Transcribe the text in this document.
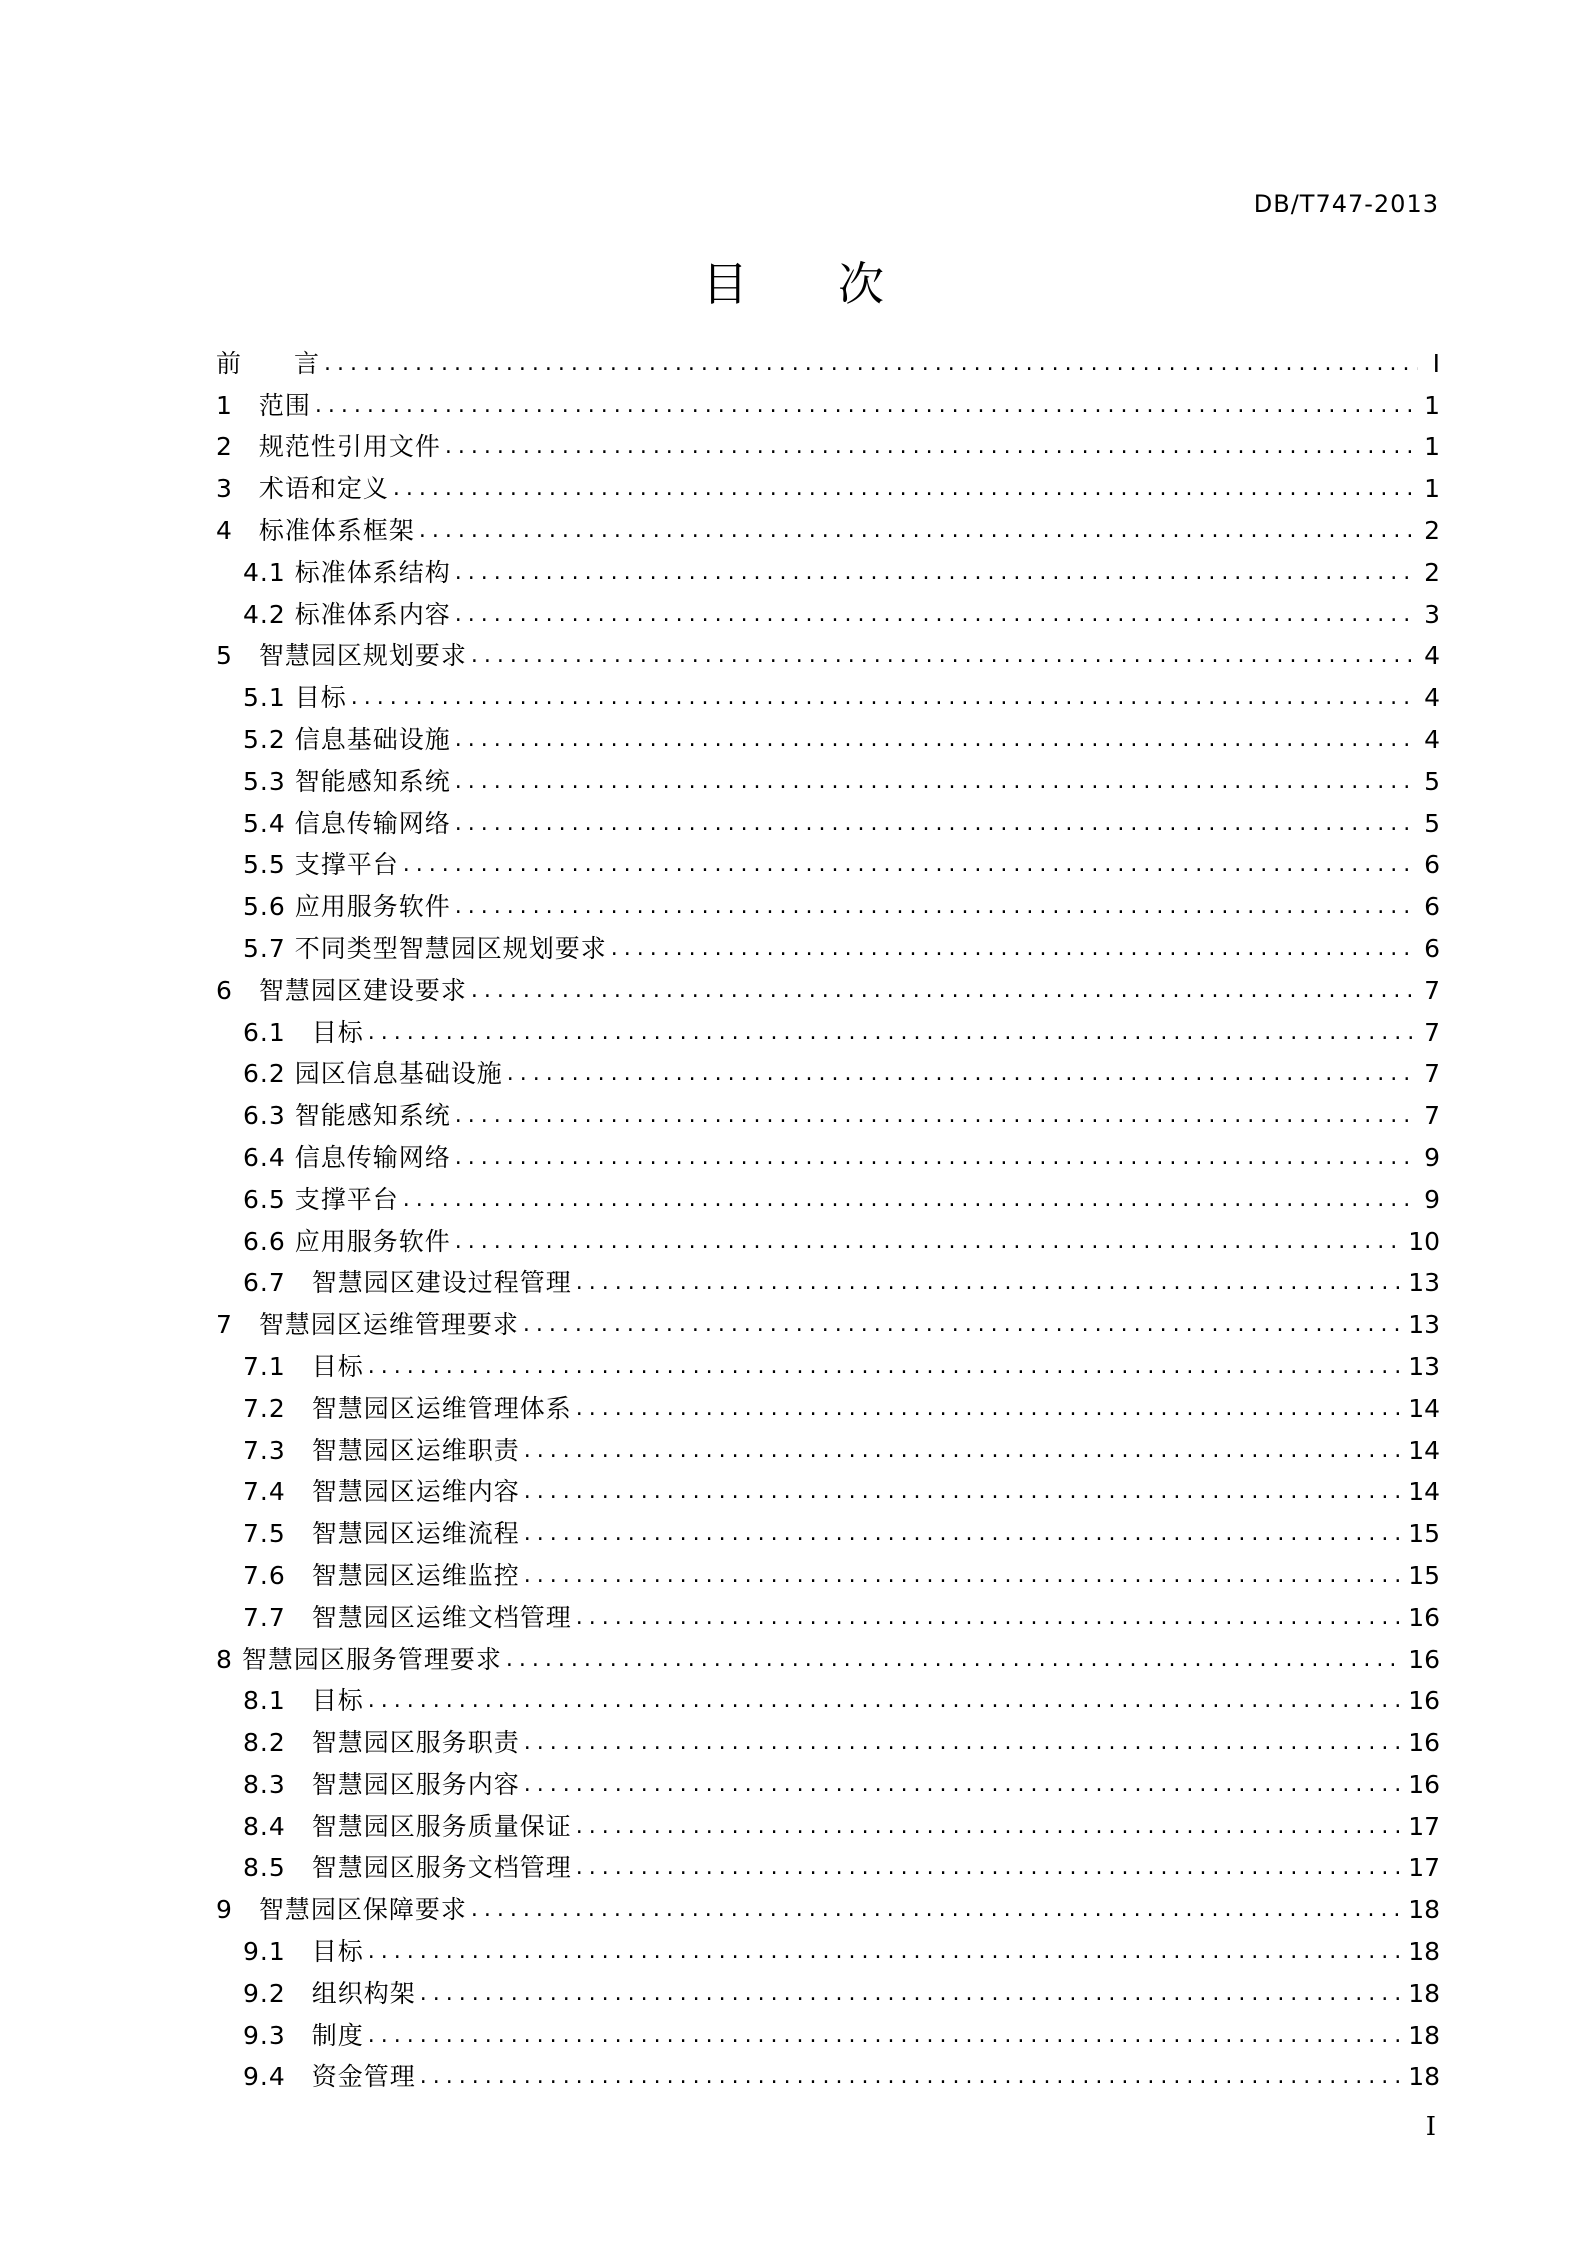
DB/T747-2013
目次
前　　言 .....	I
1　范围 .....	1
2　规范性引用文件 .....	1
3　术语和定义 .....	1
4　标准体系框架 .....	2
4.1 标准体系结构 .....	2
4.2 标准体系内容 .....	3
5　智慧园区规划要求 .....	4
5.1 目标 .....	4
5.2 信息基础设施 .....	4
5.3 智能感知系统 .....	5
5.4 信息传输网络 .....	5
5.5 支撑平台 .....	6
5.6 应用服务软件 .....	6
5.7 不同类型智慧园区规划要求 .....	6
6　智慧园区建设要求 .....	7
6.1　目标 .....	7
6.2 园区信息基础设施 .....	7
6.3 智能感知系统 .....	7
6.4 信息传输网络 .....	9
6.5 支撑平台 .....	9
6.6 应用服务软件 .....	10
6.7　智慧园区建设过程管理 .....	13
7　智慧园区运维管理要求 .....	13
7.1　目标 .....	13
7.2　智慧园区运维管理体系 .....	14
7.3　智慧园区运维职责 .....	14
7.4　智慧园区运维内容 .....	14
7.5　智慧园区运维流程 .....	15
7.6　智慧园区运维监控 .....	15
7.7　智慧园区运维文档管理 .....	16
8 智慧园区服务管理要求 .....	16
8.1　目标 .....	16
8.2　智慧园区服务职责 .....	16
8.3　智慧园区服务内容 .....	16
8.4　智慧园区服务质量保证 .....	17
8.5　智慧园区服务文档管理 .....	17
9　智慧园区保障要求 .....	18
9.1　目标 .....	18
9.2　组织构架 .....	18
9.3　制度 .....	18
9.4　资金管理 .....	18
I
